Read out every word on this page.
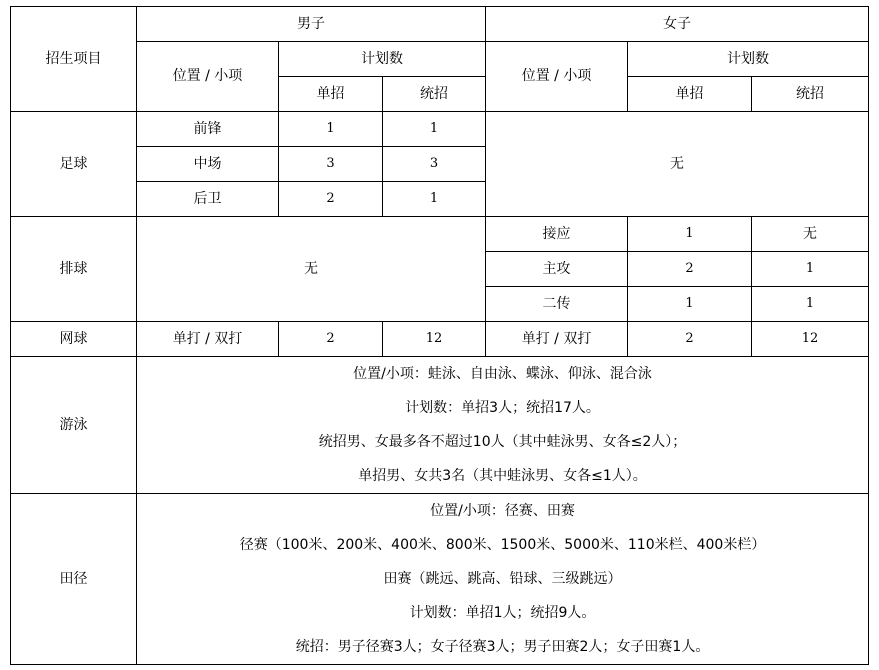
招生项目	男子			女子		
	位置 / 小项	计划数		位置 / 小项	计划数	
		单招	统招		单招	统招
足球	前锋	1	1	无		
	中场	3	3			
	后卫	2	1			
排球	无			接应	1	无
				主攻	2	1
				二传	1	1
网球	单打 / 双打	2	12	单打 / 双打	2	12
游泳	位置/小项：蛙泳、自由泳、蝶泳、仰泳、混合泳
计划数：单招3人；统招17人。
统招男、女最多各不超过10人（其中蛙泳男、女各≤2人）；
单招男、女共3名（其中蛙泳男、女各≤1人）。					

田径	位置/小项：径赛、田赛
径赛（100米、200米、400米、800米、1500米、5000米、110米栏、400米栏）
田赛（跳远、跳高、铅球、三级跳远）
计划数：单招1人；统招9人。
统招：男子径赛3人；女子径赛3人；男子田赛2人；女子田赛1人。					
